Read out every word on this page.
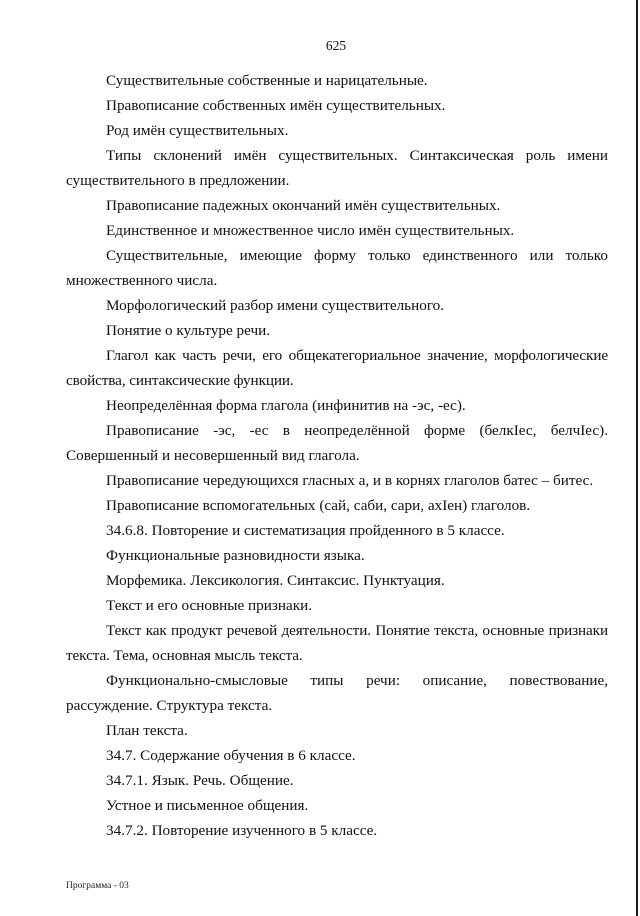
625

Существительные собственные и нарицательные.

Правописание собственных имён существительных.

Род имён существительных.

Типы склонений имён существительных. Синтаксическая роль имени существительного в предложении.

Правописание падежных окончаний имён существительных.

Единственное и множественное число имён существительных.

Существительные, имеющие форму только единственного или только множественного числа.

Морфологический разбор имени существительного.

Понятие о культуре речи.

Глагол как часть речи, его общекатегориальное значение, морфологические свойства, синтаксические функции.

Неопределённая форма глагола (инфинитив на -эс, -ес).

Правописание -эс, -ес в неопределённой форме (белкIес, белчIес). Совершенный и несовершенный вид глагола.

Правописание чередующихся гласных а, и в корнях глаголов батес – битес.

Правописание вспомогательных (сай, саби, сари, axIeн) глаголов.

34.6.8. Повторение и систематизация пройденного в 5 классе.

Функциональные разновидности языка.

Морфемика. Лексикология. Синтаксис. Пунктуация.

Текст и его основные признаки.

Текст как продукт речевой деятельности. Понятие текста, основные признаки текста. Тема, основная мысль текста.

Функционально-смысловые типы речи: описание, повествование, рассуждение. Структура текста.

План текста.

34.7. Содержание обучения в 6 классе.

34.7.1. Язык. Речь. Общение.

Устное и письменное общения.

34.7.2. Повторение изученного в 5 классе.

Программа - 03
